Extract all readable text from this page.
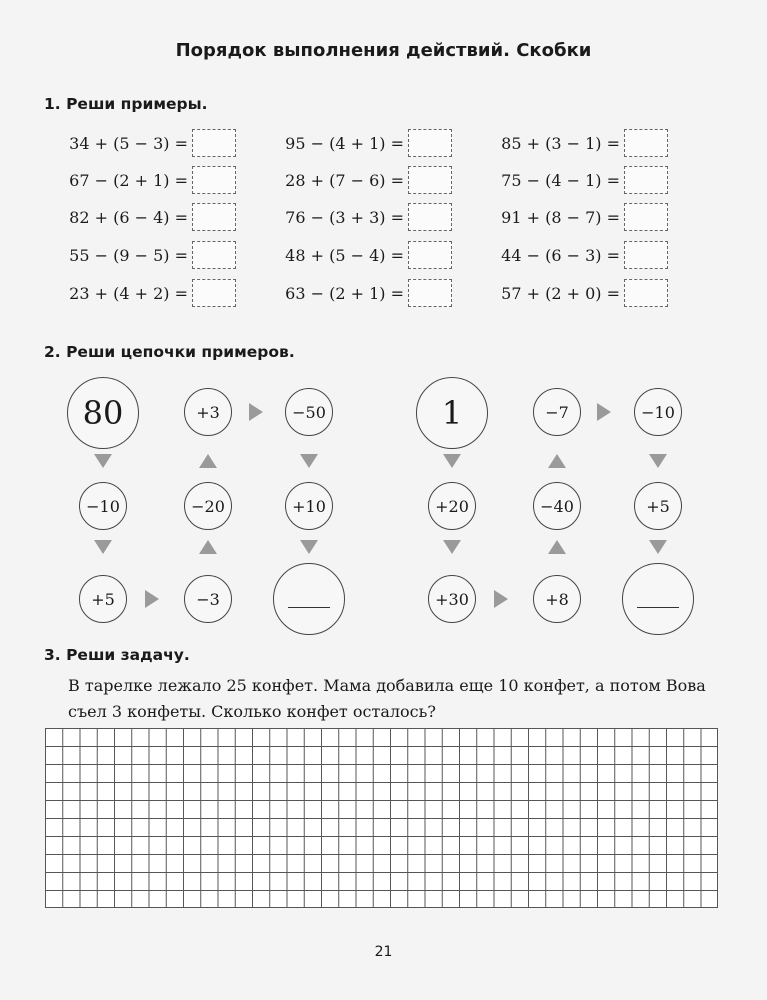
Порядок выполнения действий. Скобки
1. Реши примеры.
34 + (5 − 3) =
67 − (2 + 1) =
82 + (6 − 4) =
55 − (9 − 5) =
23 + (4 + 2) =
95 − (4 + 1) =
28 + (7 − 6) =
76 − (3 + 3) =
48 + (5 − 4) =
63 − (2 + 1) =
85 + (3 − 1) =
75 − (4 − 1) =
91 + (8 − 7) =
44 − (6 − 3) =
57 + (2 + 0) =
2. Реши цепочки примеров.
80	+3	−50
−10	−20	+10
+5	−3
1	−7	−10
+20	−40	+5
+30	+8
3. Реши задачу.
В тарелке лежало 25 конфет. Мама добавила еще 10 конфет, а потом Вова съел 3 конфеты. Сколько конфет осталось?
21
